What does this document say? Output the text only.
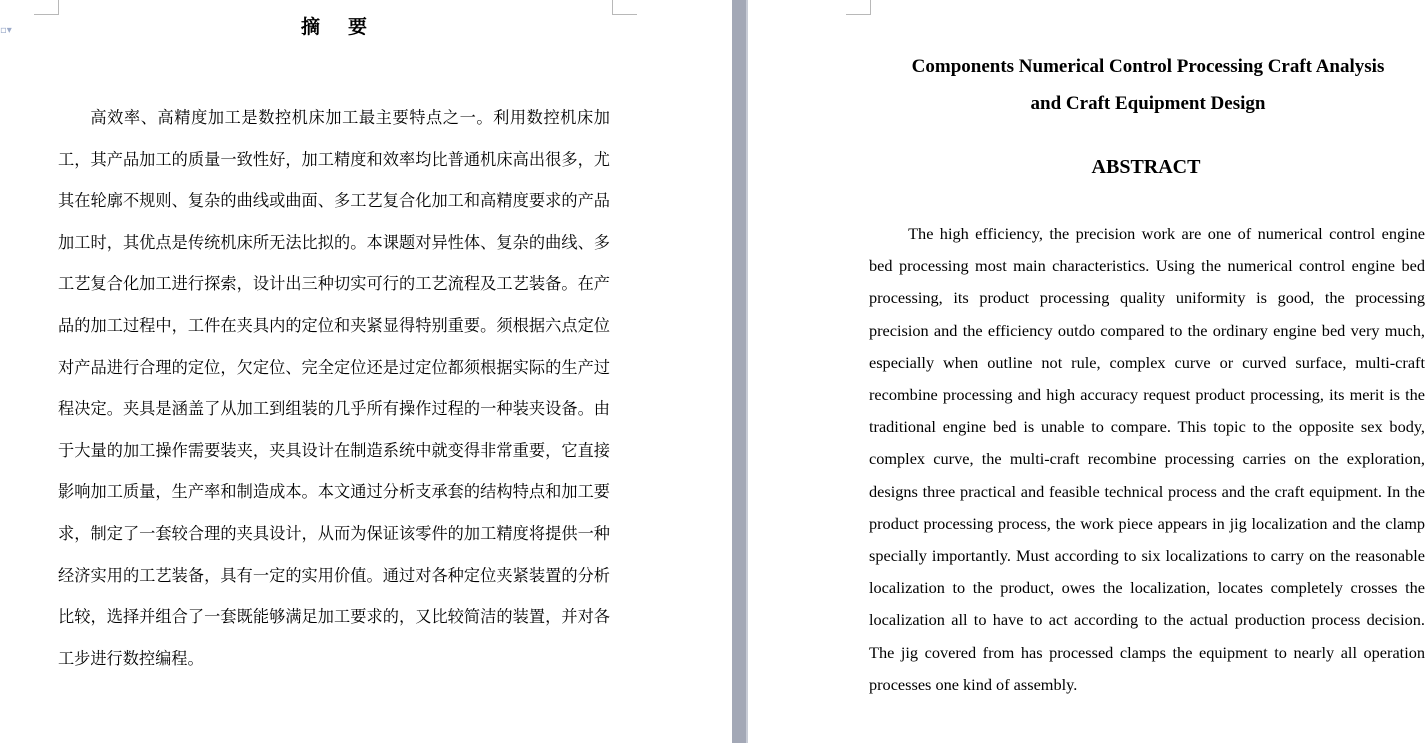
▫▾	摘要

高效率、高精度加工是数控机床加工最主要特点之一。利用数控机床加工，其产品加工的质量一致性好，加工精度和效率均比普通机床高出很多，尤其在轮廓不规则、复杂的曲线或曲面、多工艺复合化加工和高精度要求的产品加工时，其优点是传统机床所无法比拟的。本课题对异性体、复杂的曲线、多工艺复合化加工进行探索，设计出三种切实可行的工艺流程及工艺装备。在产品的加工过程中，工件在夹具内的定位和夹紧显得特别重要。须根据六点定位对产品进行合理的定位，欠定位、完全定位还是过定位都须根据实际的生产过程决定。夹具是涵盖了从加工到组装的几乎所有操作过程的一种装夹设备。由于大量的加工操作需要装夹，夹具设计在制造系统中就变得非常重要，它直接影响加工质量，生产率和制造成本。本文通过分析支承套的结构特点和加工要求，制定了一套较合理的夹具设计，从而为保证该零件的加工精度将提供一种经济实用的工艺装备，具有一定的实用价值。通过对各种定位夹紧装置的分析比较，选择并组合了一套既能够满足加工要求的，又比较简洁的装置，并对各工步进行数控编程。

Components Numerical Control Processing Craft Analysis
and Craft Equipment Design
ABSTRACT

The high efficiency, the precision work are one of numerical control engine bed processing most main characteristics. Using the numerical control engine bed processing, its product processing quality uniformity is good, the processing precision and the efficiency outdo compared to the ordinary engine bed very much, especially when outline not rule, complex curve or curved surface, multi-craft recombine processing and high accuracy request product processing, its merit is the traditional engine bed is unable to compare. This topic to the opposite sex body, complex curve, the multi-craft recombine processing carries on the exploration, designs three practical and feasible technical process and the craft equipment. In the product processing process, the work piece appears in jig localization and the clamp specially importantly. Must according to six localizations to carry on the reasonable localization to the product, owes the localization, locates completely crosses the localization all to have to act according to the actual production process decision. The jig covered from has processed clamps the equipment to nearly all operation processes one kind of assembly.
